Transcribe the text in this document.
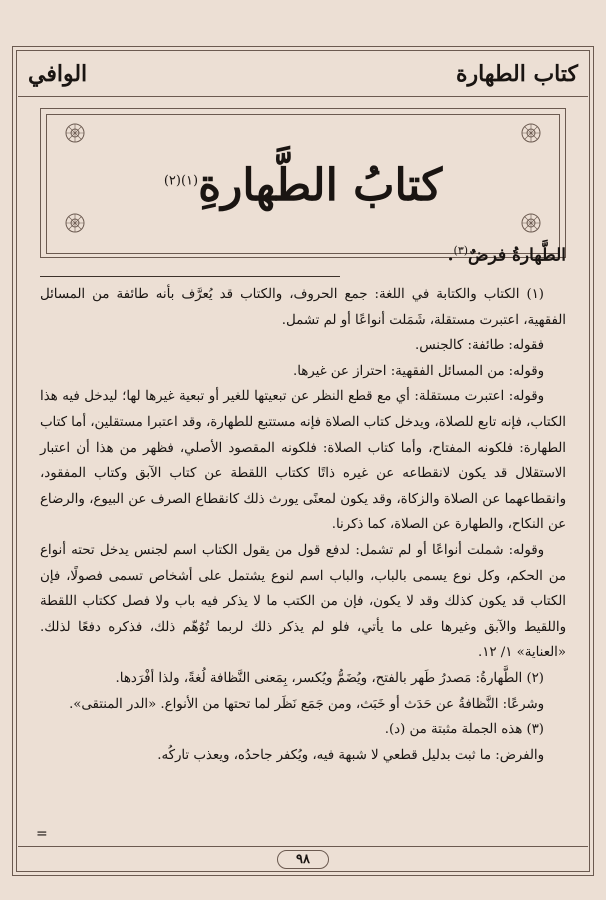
الوافي	كتاب الطهارة
كتابُ الطَّهارةِ$^{(١)(٢)}$
الطَّهارةُ فرضٌ$^{(٣)}$.

(١) الكتاب والكتابة في اللغة: جمع الحروف، والكتاب قد يُعرَّف بأنه طائفة من المسائل الفقهية، اعتبرت مستقلة، شَمَلت أنواعًا أو لم تشمل.

فقوله: طائفة: كالجنس.

وقوله: من المسائل الفقهية: احتراز عن غيرها.

وقوله: اعتبرت مستقلة: أي مع قطع النظر عن تبعيتها للغير أو تبعية غيرها لها؛ ليدخل فيه هذا الكتاب، فإنه تابع للصلاة، ويدخل كتاب الصلاة فإنه مستتبع للطهارة، وقد اعتبرا مستقلين، أما كتاب الطهارة: فلكونه المفتاح، وأما كتاب الصلاة: فلكونه المقصود الأصلي، فظهر من هذا أن اعتبار الاستقلال قد يكون لانقطاعه عن غيره ذاتًا ككتاب اللقطة عن كتاب الآبق وكتاب المفقود، وانقطاعهما عن الصلاة والزكاة، وقد يكون لمعنًى يورث ذلك كانقطاع الصرف عن البيوع، والرضاع عن النكاح، والطهارة عن الصلاة، كما ذكرنا.

وقوله: شملت أنواعًا أو لم تشمل: لدفع قول من يقول الكتاب اسم لجنس يدخل تحته أنواع من الحكم، وكل نوع يسمى بالباب، والباب اسم لنوع يشتمل على أشخاص تسمى فصولًا، فإن الكتاب قد يكون كذلك وقد لا يكون، فإن من الكتب ما لا يذكر فيه باب ولا فصل ككتاب اللقطة واللقيط والآبق وغيرها على ما يأتي، فلو لم يذكر ذلك لربما تُوُهّم ذلك، فذكره دفعًا لذلك. «العناية» ١/ ١٢.

(٢) الطَّهارةُ: مَصدرُ طَهر بالفتح، ويُضَمُّ ويُكسر، بِمَعنى النَّظافة لُغةً، ولذا أفْرَدها.

وشرعًا: النَّظافةُ عن حَدَث أو خَبَث، ومن جَمَع نَظَر لما تحتها من الأنواع. «الدر المنتقى».

(٣) هذه الجملة مثبتة من (د).

والفرض: ما ثبت بدليل قطعي لا شبهة فيه، ويُكفر جاحدُه، ويعذب تاركُه.

=
٩٨
